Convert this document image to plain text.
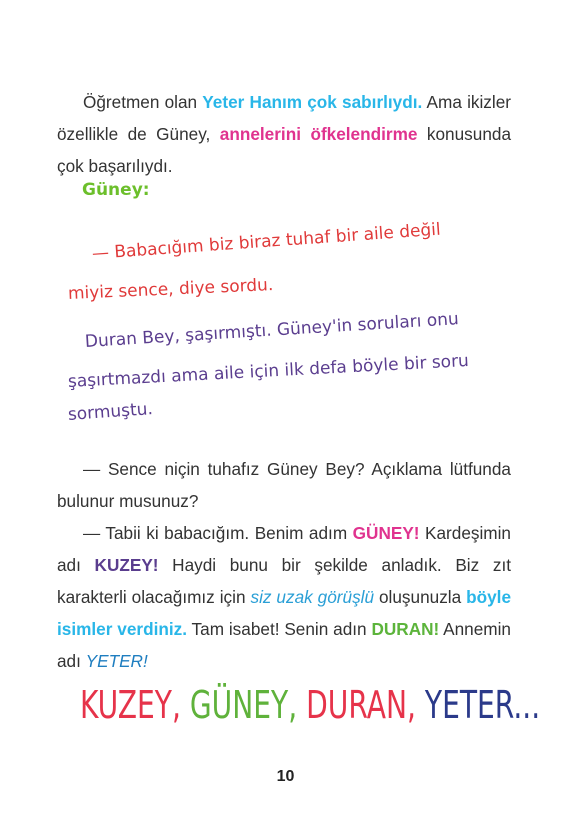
Öğretmen olan Yeter Hanım çok sabırlıydı. Ama ikizler özellikle de Güney, annelerini öfkelendirme konusunda çok başarılıydı.
Güney:
— Babacığım biz biraz tuhaf bir aile değil
miyiz sence, diye sordu.
Duran Bey, şaşırmıştı. Güney'in soruları onu
şaşırtmazdı ama aile için ilk defa böyle bir soru
sormuştu.
— Sence niçin tuhafız Güney Bey? Açıklama lütfunda bulunur musunuz?
— Tabii ki babacığım. Benim adım GÜNEY! Kardeşimin adı KUZEY! Haydi bunu bir şekilde anladık. Biz zıt karakterli olacağımız için siz uzak görüşlü oluşunuzla böyle isimler verdiniz. Tam isabet! Senin adın DURAN! Annemin adı YETER!
KUZEY, GÜNEY, DURAN, YETER...
10
